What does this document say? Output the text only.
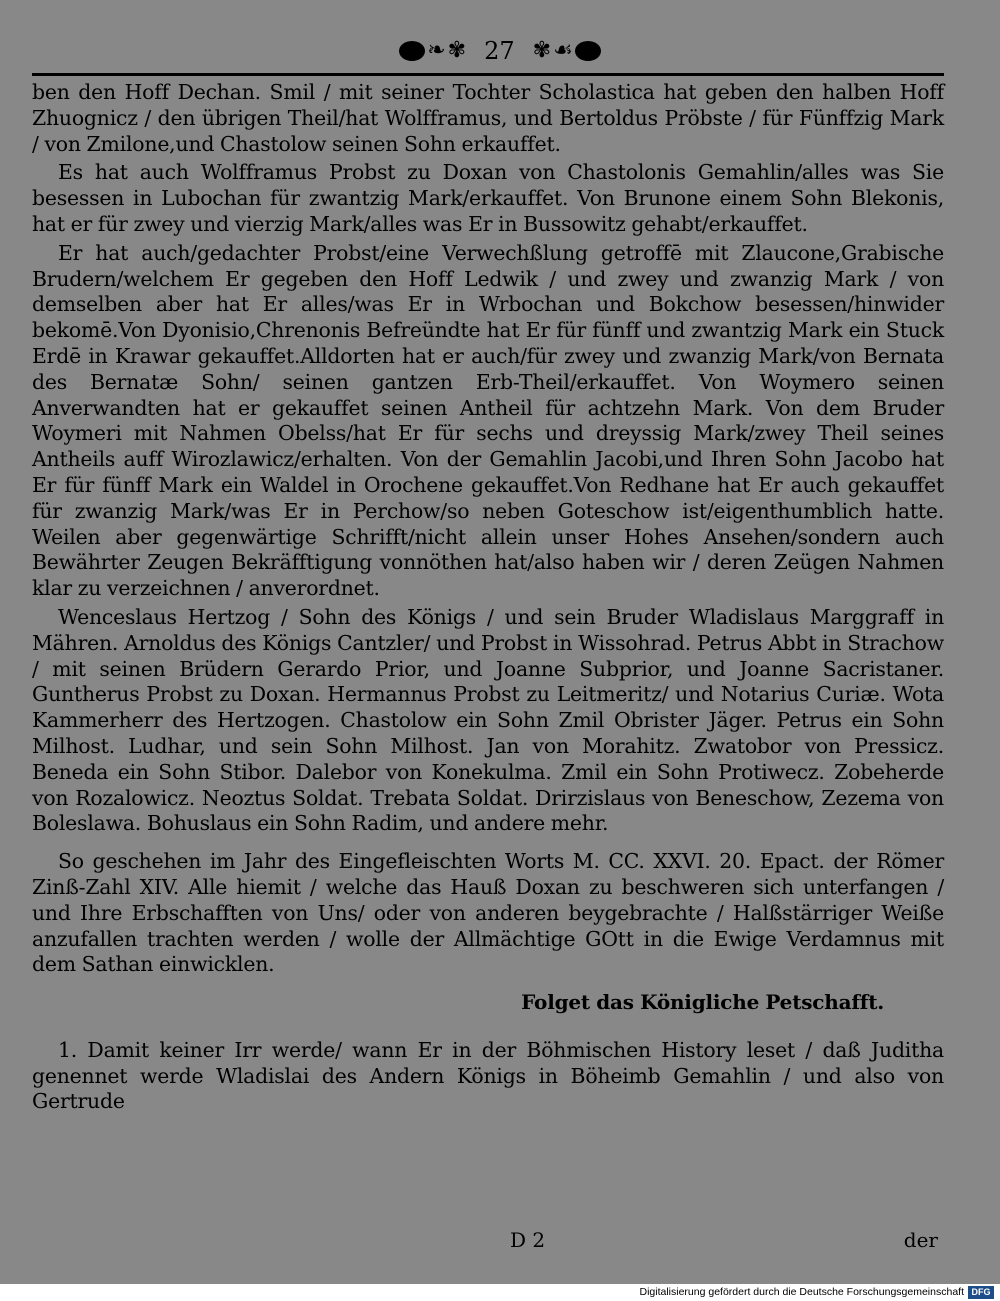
❧ ✾ 27 ✾ ☙

ben den Hoff Dechan. Smil / mit seiner Tochter Scholastica hat geben den halben Hoff Zhuognicz / den übrigen Theil/hat Wolfframus, und Bertoldus Pröbste / für Fünffzig Mark / von Zmilone,und Chastolow seinen Sohn erkauffet.

Es hat auch Wolfframus Probst zu Doxan von Chastolonis Gemahlin/alles was Sie besessen in Lubochan für zwantzig Mark/erkauffet. Von Brunone einem Sohn Blekonis, hat er für zwey und vierzig Mark/alles was Er in Bussowitz gehabt/erkauffet.

Er hat auch/gedachter Probst/eine Verwechßlung getroffē mit Zlaucone,Grabische Brudern/welchem Er gegeben den Hoff Ledwik / und zwey und zwanzig Mark / von demselben aber hat Er alles/was Er in Wrbochan und Bokchow besessen/hinwider bekomē.Von Dyonisio,Chrenonis Befreündte hat Er für fünff und zwantzig Mark ein Stuck Erdē in Krawar gekauffet.Alldorten hat er auch/für zwey und zwanzig Mark/von Bernata des Bernatæ Sohn/ seinen gantzen Erb-Theil/erkauffet. Von Woymero seinen Anverwandten hat er gekauffet seinen Antheil für achtzehn Mark. Von dem Bruder Woymeri mit Nahmen Obelss/hat Er für sechs und dreyssig Mark/zwey Theil seines Antheils auff Wirozlawicz/erhalten. Von der Gemahlin Jacobi,und Ihren Sohn Jacobo hat Er für fünff Mark ein Waldel in Orochene gekauffet.Von Redhane hat Er auch gekauffet für zwanzig Mark/was Er in Perchow/so neben Goteschow ist/eigenthumblich hatte. Weilen aber gegenwärtige Schrifft/nicht allein unser Hohes Ansehen/sondern auch Bewährter Zeugen Bekräfftigung vonnöthen hat/also haben wir / deren Zeügen Nahmen klar zu verzeichnen / anverordnet.

Wenceslaus Hertzog / Sohn des Königs / und sein Bruder Wladislaus Marggraff in Mähren. Arnoldus des Königs Cantzler/ und Probst in Wissohrad. Petrus Abbt in Strachow / mit seinen Brüdern Gerardo Prior, und Joanne Subprior, und Joanne Sacristaner. Guntherus Probst zu Doxan. Hermannus Probst zu Leitmeritz/ und Notarius Curiæ. Wota Kammerherr des Hertzogen. Chastolow ein Sohn Zmil Obrister Jäger. Petrus ein Sohn Milhost. Ludhar, und sein Sohn Milhost. Jan von Morahitz. Zwatobor von Pressicz. Beneda ein Sohn Stibor. Dalebor von Konekulma. Zmil ein Sohn Protiwecz. Zobeherde von Rozalowicz. Neoztus Soldat. Trebata Soldat. Drirzislaus von Beneschow, Zezema von Boleslawa. Bohuslaus ein Sohn Radim, und andere mehr.

So geschehen im Jahr des Eingefleischten Worts M. CC. XXVI. 20. Epact. der Römer Zinß-Zahl XIV. Alle hiemit / welche das Hauß Doxan zu beschweren sich unterfangen / und Ihre Erbschafften von Uns/ oder von anderen beygebrachte / Halßstärriger Weiße anzufallen trachten werden / wolle der Allmächtige GOtt in die Ewige Verdamnus mit dem Sathan einwicklen.

Folget das Königliche Petschafft.

1. Damit keiner Irr werde/ wann Er in der Böhmischen History leset / daß Juditha genennet werde Wladislai des Andern Königs in Böheimb Gemahlin / und also von Gertrude

D 2	der
Digitalisierung gefördert durch die Deutsche Forschungsgemeinschaft DFG
